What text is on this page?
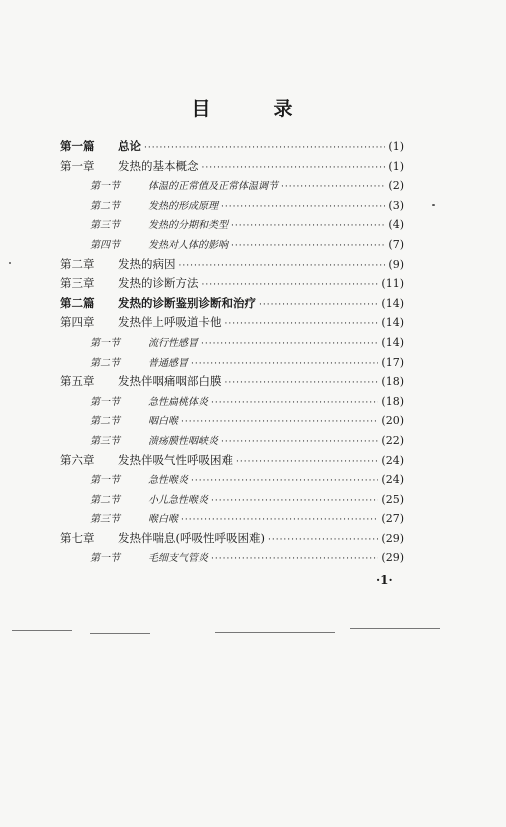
目　录
第一篇	总论 ·····	(1)
第一章	发热的基本概念 ·····	(1)
第一节	体温的正常值及正常体温调节 ·····	(2)
第二节	发热的形成原理 ·····	(3)
第三节	发热的分期和类型 ·····	(4)
第四节	发热对人体的影响 ·····	(7)
第二章	发热的病因 ·····	(9)
第三章	发热的诊断方法 ·····	(11)
第二篇	发热的诊断鉴别诊断和治疗 ·····	(14)
第四章	发热伴上呼吸道卡他 ·····	(14)
第一节	流行性感冒 ·····	(14)
第二节	普通感冒 ·····	(17)
第五章	发热伴咽痛咽部白膜 ·····	(18)
第一节	急性扁桃体炎 ·····	(18)
第二节	咽白喉 ·····	(20)
第三节	溃疡膜性咽峡炎 ·····	(22)
第六章	发热伴吸气性呼吸困难 ·····	(24)
第一节	急性喉炎 ·····	(24)
第二节	小儿急性喉炎 ·····	(25)
第三节	喉白喉 ·····	(27)
第七章	发热伴喘息(呼吸性呼吸困难) ·····	(29)
第一节	毛细支气管炎 ·····	(29)
·1·
